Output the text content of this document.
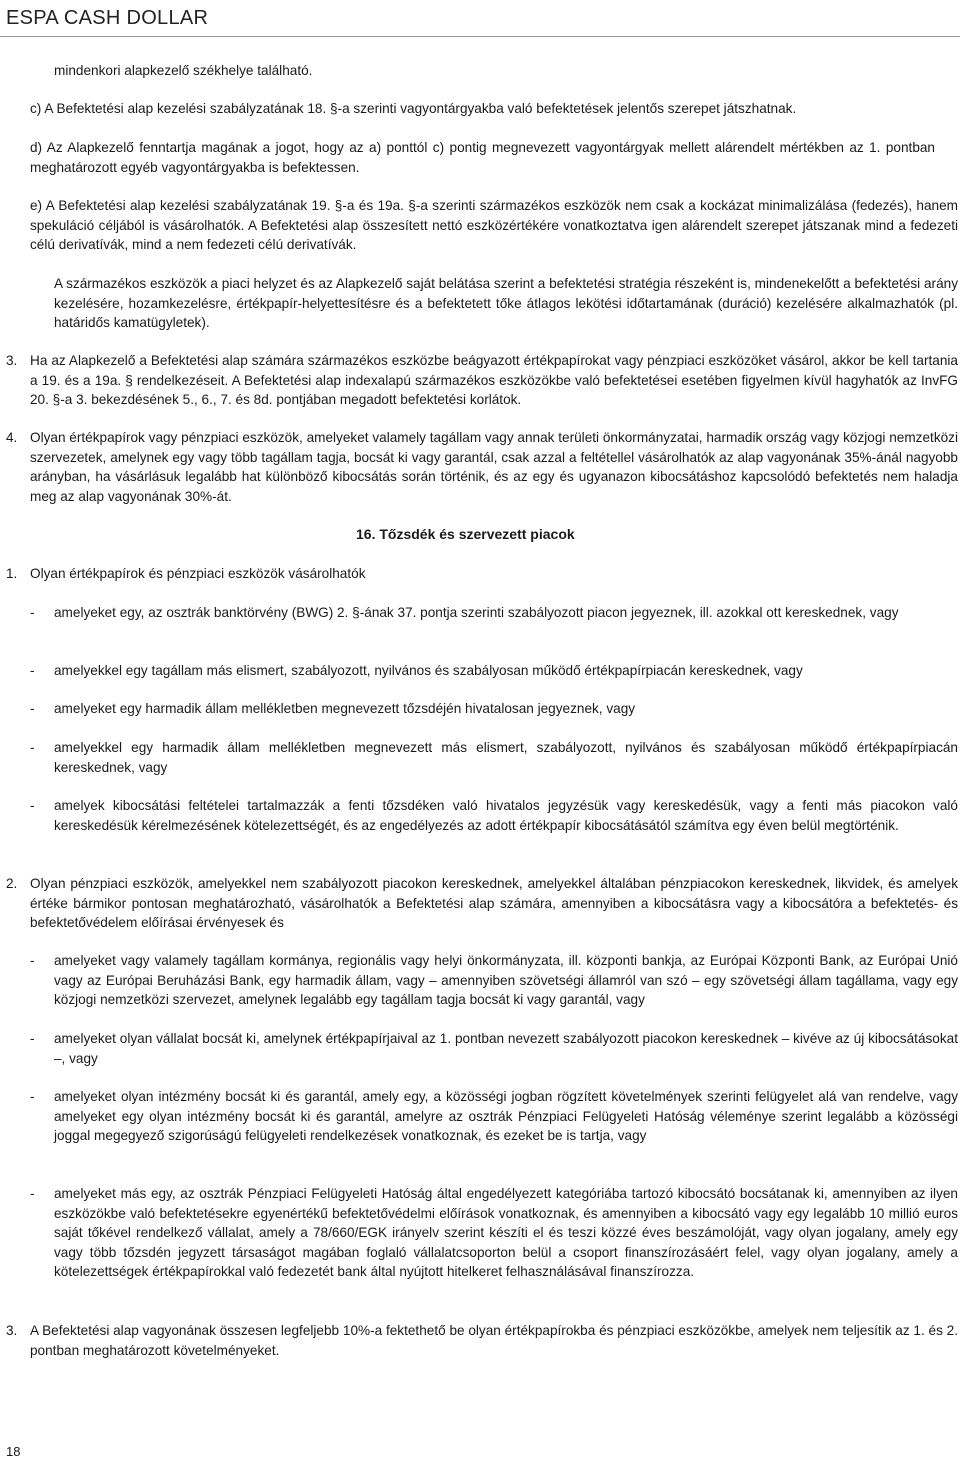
ESPA CASH DOLLAR
mindenkori alapkezelő székhelye található.
c) A Befektetési alap kezelési szabályzatának 18. §-a szerinti vagyontárgyakba való befektetések jelentős szerepet játszhatnak.
d) Az Alapkezelő fenntartja magának a jogot, hogy az a) ponttól c) pontig megnevezett vagyontárgyak mellett alárendelt mértékben az 1. pontban meghatározott egyéb vagyontárgyakba is befektessen.
e) A Befektetési alap kezelési szabályzatának 19. §-a és 19a. §-a szerinti származékos eszközök nem csak a kockázat minimalizálása (fedezés), hanem spekuláció céljából is vásárolhatók. A Befektetési alap összesített nettó eszközértékére vonatkoztatva igen alárendelt szerepet játszanak mind a fedezeti célú derivatívák, mind a nem fedezeti célú derivatívák.
A származékos eszközök a piaci helyzet és az Alapkezelő saját belátása szerint a befektetési stratégia részeként is, mindenekelőtt a befektetési arány kezelésére, hozamkezelésre, értékpapír-helyettesítésre és a befektetett tőke átlagos lekötési időtartamának (duráció) kezelésére alkalmazhatók (pl. határidős kamatügyletek).
3. Ha az Alapkezelő a Befektetési alap számára származékos eszközbe beágyazott értékpapírokat vagy pénzpiaci eszközöket vásárol, akkor be kell tartania a 19. és a 19a. § rendelkezéseit. A Befektetési alap indexalapú származékos eszközökbe való befektetései esetében figyelmen kívül hagyhatók az InvFG 20. §-a 3. bekezdésének 5., 6., 7. és 8d. pontjában megadott befektetési korlátok.
4. Olyan értékpapírok vagy pénzpiaci eszközök, amelyeket valamely tagállam vagy annak területi önkormányzatai, harmadik ország vagy közjogi nemzetközi szervezetek, amelynek egy vagy több tagállam tagja, bocsát ki vagy garantál, csak azzal a feltétellel vásárolhatók az alap vagyonának 35%-ánál nagyobb arányban, ha vásárlásuk legalább hat különböző kibocsátás során történik, és az egy és ugyanazon kibocsátáshoz kapcsolódó befektetés nem haladja meg az alap vagyonának 30%-át.
16. Tőzsdék és szervezett piacok
1. Olyan értékpapírok és pénzpiaci eszközök vásárolhatók
- amelyeket egy, az osztrák banktörvény (BWG) 2. §-ának 37. pontja szerinti szabályozott piacon jegyeznek, ill. azokkal ott kereskednek, vagy
- amelyekkel egy tagállam más elismert, szabályozott, nyilvános és szabályosan működő értékpapírpiacán kereskednek, vagy
- amelyeket egy harmadik állam mellékletben megnevezett tőzsdéjén hivatalosan jegyeznek, vagy
- amelyekkel egy harmadik állam mellékletben megnevezett más elismert, szabályozott, nyilvános és szabályosan működő értékpapírpiacán kereskednek, vagy
- amelyek kibocsátási feltételei tartalmazzák a fenti tőzsdéken való hivatalos jegyzésük vagy kereskedésük, vagy a fenti más piacokon való kereskedésük kérelmezésének kötelezettségét, és az engedélyezés az adott értékpapír kibocsátásától számítva egy éven belül megtörténik.
2. Olyan pénzpiaci eszközök, amelyekkel nem szabályozott piacokon kereskednek, amelyekkel általában pénzpiacokon kereskednek, likvidek, és amelyek értéke bármikor pontosan meghatározható, vásárolhatók a Befektetési alap számára, amennyiben a kibocsátásra vagy a kibocsátóra a befektetés- és befektetővédelem előírásai érvényesek és
- amelyeket vagy valamely tagállam kormánya, regionális vagy helyi önkormányzata, ill. központi bankja, az Európai Központi Bank, az Európai Unió vagy az Európai Beruházási Bank, egy harmadik állam, vagy – amennyiben szövetségi államról van szó – egy szövetségi állam tagállama, vagy egy közjogi nemzetközi szervezet, amelynek legalább egy tagállam tagja bocsát ki vagy garantál, vagy
- amelyeket olyan vállalat bocsát ki, amelynek értékpapírjaival az 1. pontban nevezett szabályozott piacokon kereskednek – kivéve az új kibocsátásokat –, vagy
- amelyeket olyan intézmény bocsát ki és garantál, amely egy, a közösségi jogban rögzített követelmények szerinti felügyelet alá van rendelve, vagy amelyeket egy olyan intézmény bocsát ki és garantál, amelyre az osztrák Pénzpiaci Felügyeleti Hatóság véleménye szerint legalább a közösségi joggal megegyező szigorúságú felügyeleti rendelkezések vonatkoznak, és ezeket be is tartja, vagy
- amelyeket más egy, az osztrák Pénzpiaci Felügyeleti Hatóság által engedélyezett kategóriába tartozó kibocsátó bocsátanak ki, amennyiben az ilyen eszközökbe való befektetésekre egyenértékű befektetővédelmi előírások vonatkoznak, és amennyiben a kibocsátó vagy egy legalább 10 millió euros saját tőkével rendelkező vállalat, amely a 78/660/EGK irányelv szerint készíti el és teszi közzé éves beszámolóját, vagy olyan jogalany, amely egy vagy több tőzsdén jegyzett társaságot magában foglaló vállalatcsoporton belül a csoport finanszírozásáért felel, vagy olyan jogalany, amely a kötelezettségek értékpapírokkal való fedezetét bank által nyújtott hitelkeret felhasználásával finanszírozza.
3. A Befektetési alap vagyonának összesen legfeljebb 10%-a fektethető be olyan értékpapírokba és pénzpiaci eszközökbe, amelyek nem teljesítik az 1. és 2. pontban meghatározott követelményeket.
18
